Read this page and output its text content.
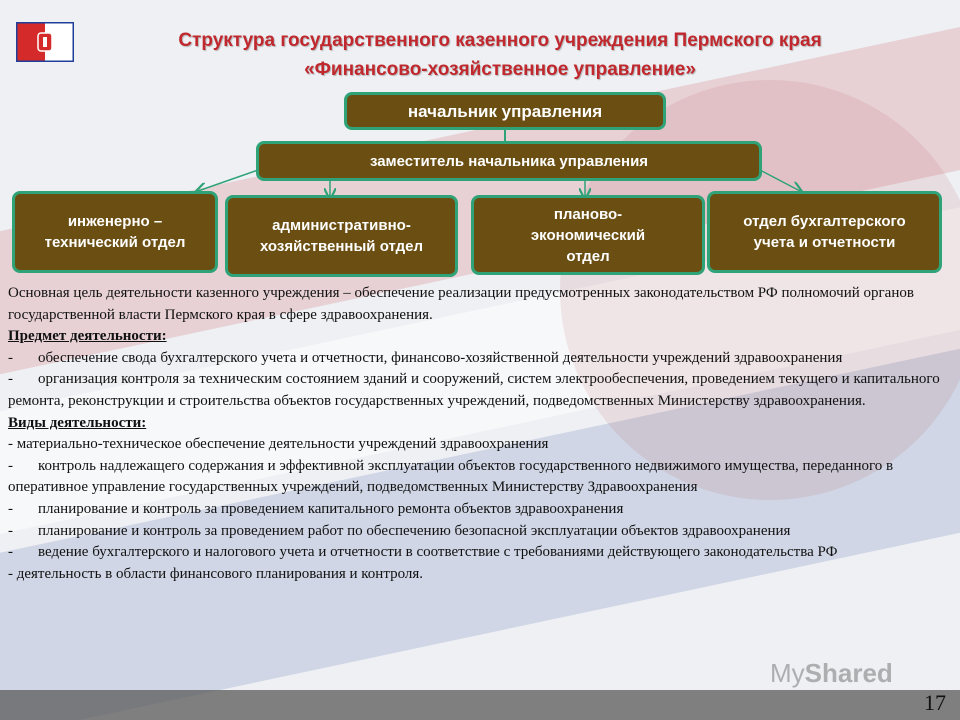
Структура государственного казенного учреждения Пермского края
«Финансово-хозяйственное управление»
начальник управления
заместитель начальника управления
инженерно – технический отдел
административно-хозяйственный отдел
планово-экономический отдел
отдел бухгалтерского учета и отчетности

Основная цель деятельности казенного учреждения – обеспечение реализации предусмотренных законодательством РФ полномочий органов государственной власти Пермского края в сфере здравоохранения.

Предмет деятельности:

- обеспечение свода бухгалтерского учета и отчетности, финансово-хозяйственной деятельности учреждений здравоохранения

- организация контроля за техническим состоянием зданий и сооружений, систем электрообеспечения, проведением текущего и капитального ремонта, реконструкции и строительства объектов государственных учреждений, подведомственных Министерству здравоохранения.

Виды деятельности:

- материально-техническое обеспечение деятельности учреждений здравоохранения

- контроль надлежащего содержания и эффективной эксплуатации объектов государственного недвижимого имущества, переданного в оперативное управление государственных учреждений, подведомственных Министерству Здравоохранения

- планирование и контроль за проведением капитального ремонта объектов здравоохранения

- планирование и контроль за проведением работ по обеспечению безопасной эксплуатации объектов здравоохранения

- ведение бухгалтерского и налогового учета и отчетности в соответствие с требованиями действующего законодательства РФ

- деятельность в области финансового планирования и контроля.

MyShared
17
